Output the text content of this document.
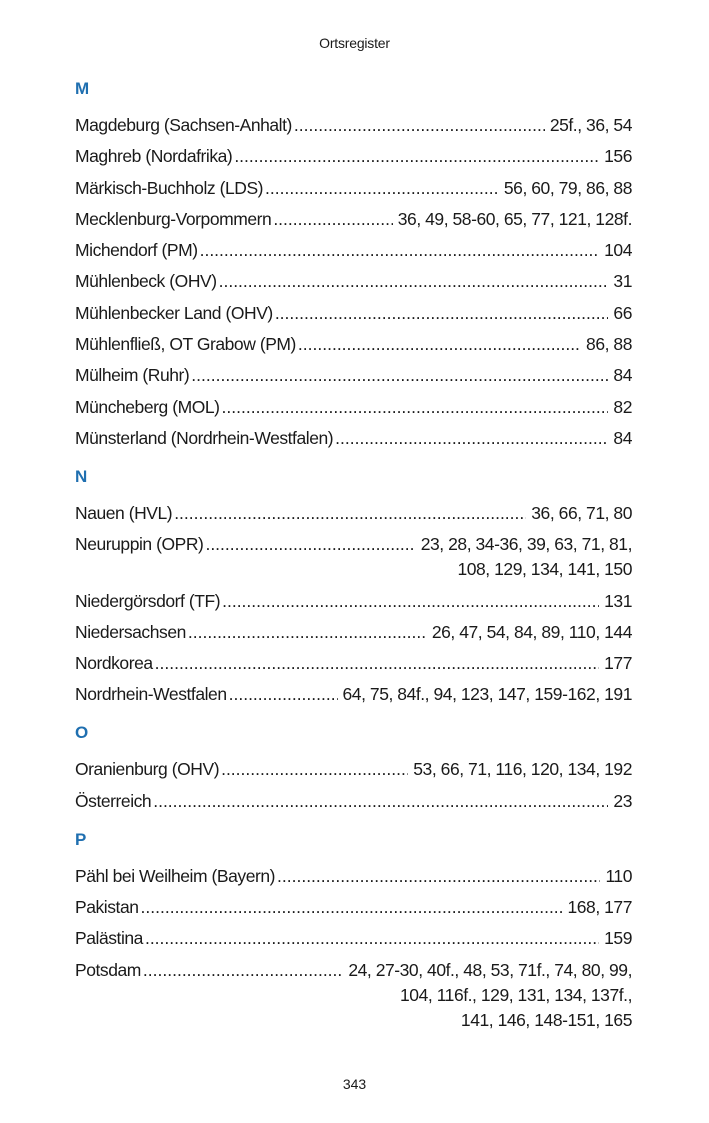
Ortsregister
M
Magdeburg (Sachsen-Anhalt) .....	25f., 36, 54
Maghreb (Nordafrika) .....	156
Märkisch-Buchholz (LDS) .....	56, 60, 79, 86, 88
Mecklenburg-Vorpommern .....	36, 49, 58-60, 65, 77, 121, 128f.
Michendorf (PM) .....	104
Mühlenbeck (OHV) .....	31
Mühlenbecker Land (OHV) .....	66
Mühlenfließ, OT Grabow (PM) .....	86, 88
Mülheim (Ruhr) .....	84
Müncheberg (MOL) .....	82
Münsterland (Nordrhein-Westfalen) .....	84
N
Nauen (HVL) .....	36, 66, 71, 80
Neuruppin (OPR) .....	23, 28, 34-36, 39, 63, 71, 81,
108, 129, 134, 141, 150
Niedergörsdorf (TF) .....	131
Niedersachsen .....	26, 47, 54, 84, 89, 110, 144
Nordkorea .....	177
Nordrhein-Westfalen .....	64, 75, 84f., 94, 123, 147, 159-162, 191
O
Oranienburg (OHV) .....	53, 66, 71, 116, 120, 134, 192
Österreich .....	23
P
Pähl bei Weilheim (Bayern) .....	110
Pakistan .....	168, 177
Palästina .....	159
Potsdam .....	24, 27-30, 40f., 48, 53, 71f., 74, 80, 99,
104, 116f., 129, 131, 134, 137f.,
141, 146, 148-151, 165
343
